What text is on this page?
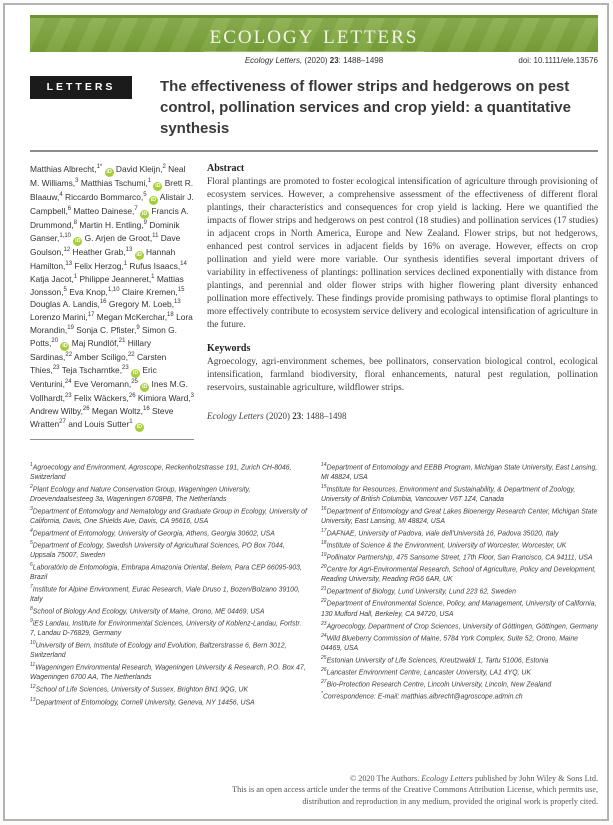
ecology letters
Ecology Letters, (2020) 23: 1488–1498	doi: 10.1111/ele.13576
LETTERS	The effectiveness of flower strips and hedgerows on pest control, pollination services and crop yield: a quantitative synthesis
Matthias Albrecht,$^{1*}$ iD David Kleijn,$^2$ Neal M. Williams,$^3$ Matthias Tschumi,$^1$ iD Brett R. Blaauw,$^4$ Riccardo Bommarco,$^5$ iD Alistair J. Campbell,$^6$ Matteo Dainese,$^7$ iD Francis A. Drummond,$^8$ Martin H. Entling,$^9$ Dominik Ganser,$^{1,10}$ iD G. Arjen de Groot,$^{11}$ Dave Goulson,$^{12}$ Heather Grab,$^{13}$ iD Hannah Hamilton,$^{13}$ Felix Herzog,$^1$ Rufus Isaacs,$^{14}$ Katja Jacot,$^1$ Philippe Jeanneret,$^1$ Mattias Jonsson,$^5$ Eva Knop,$^{1,10}$ Claire Kremen,$^{15}$ Douglas A. Landis,$^{16}$ Gregory M. Loeb,$^{13}$ Lorenzo Marini,$^{17}$ Megan McKerchar,$^{18}$ Lora Morandin,$^{19}$ Sonja C. Pfister,$^9$ Simon G. Potts,$^{20}$ iD Maj Rundlöf,$^{21}$ Hillary Sardinas,$^{22}$ Amber Sciligo,$^{22}$ Carsten Thies,$^{23}$ Teja Tscharntke,$^{23}$ iD Eric Venturini,$^{24}$ Eve Veromann,$^{25}$ iD Ines M.G. Vollhardt,$^{23}$ Felix Wäckers,$^{26}$ Kimiora Ward,$^3$ Andrew Wilby,$^{26}$ Megan Woltz,$^{16}$ Steve Wratten$^{27}$ and Louis Sutter$^1$ iD
Abstract

Floral plantings are promoted to foster ecological intensification of agriculture through provisioning of ecosystem services. However, a comprehensive assessment of the effectiveness of different floral plantings, their characteristics and consequences for crop yield is lacking. Here we quantified the impacts of flower strips and hedgerows on pest control (18 studies) and pollination services (17 studies) in adjacent crops in North America, Europe and New Zealand. Flower strips, but not hedgerows, enhanced pest control services in adjacent fields by 16% on average. However, effects on crop pollination and yield were more variable. Our synthesis identifies several important drivers of variability in effectiveness of plantings: pollination services declined exponentially with distance from plantings, and perennial and older flower strips with higher flowering plant diversity enhanced pollination more effectively. These findings provide promising pathways to optimise floral plantings to more effectively contribute to ecosystem service delivery and ecological intensification of agriculture in the future.

Keywords

Agroecology, agri-environment schemes, bee pollinators, conservation biological control, ecological intensification, farmland biodiversity, floral enhancements, natural pest regulation, pollination reservoirs, sustainable agriculture, wildflower strips.

Ecology Letters (2020) 23: 1488–1498

$^1$Agroecology and Environment, Agroscope, Reckenholzstrasse 191, Zurich CH-8046, Switzerland

$^2$Plant Ecology and Nature Conservation Group, Wageningen University, Droevendaalsesteeg 3a, Wageningen 6708PB, The Netherlands

$^3$Department of Entomology and Nematology and Graduate Group in Ecology, University of California, Davis, One Shields Ave, Davis, CA 95616, USA

$^4$Department of Entomology, University of Georgia, Athens, Georgia 30602, USA

$^5$Department of Ecology, Swedish University of Agricultural Sciences, PO Box 7044, Uppsala 75007, Sweden

$^6$Laboratório de Entomologia, Embrapa Amazonia Oriental, Belem, Para CEP 66095-903, Brazil

$^7$Institute for Alpine Environment, Eurac Research, Viale Druso 1, Bozen/Bolzano 39100, Italy

$^8$School of Biology And Ecology, University of Maine, Orono, ME 04469, USA

$^9$iES Landau, Institute for Environmental Sciences, University of Koblenz-Landau, Fortstr. 7, Landau D-76829, Germany

$^{10}$University of Bern, Institute of Ecology and Evolution, Baltzerstrasse 6, Bern 3012, Switzerland

$^{11}$Wageningen Environmental Research, Wageningen University & Research, P.O. Box 47, Wageningen 6700 AA, The Netherlands

$^{12}$School of Life Sciences, University of Sussex, Brighton BN1 9QG, UK

$^{13}$Department of Entomology, Cornell University, Geneva, NY 14456, USA

$^{14}$Department of Entomology and EEBB Program, Michigan State University, East Lansing, MI 48824, USA

$^{15}$Institute for Resources, Environment and Sustainability, & Department of Zoology, University of British Columbia, Vancouver V6T 1Z4, Canada

$^{16}$Department of Entomology and Great Lakes Bioenergy Research Center, Michigan State University, East Lansing, MI 48824, USA

$^{17}$DAFNAE, University of Padova, viale dell'Università 16, Padova 35020, Italy

$^{18}$Institute of Science & the Environment, University of Worcester, Worcester, UK

$^{19}$Pollinator Partnership, 475 Sansome Street, 17th Floor, San Francisco, CA 94111, USA

$^{20}$Centre for Agri-Environmental Research, School of Agriculture, Policy and Development, Reading University, Reading RG6 6AR, UK

$^{21}$Department of Biology, Lund University, Lund 223 62, Sweden

$^{22}$Department of Environmental Science, Policy, and Management, University of California, 130 Mulford Hall, Berkeley, CA 94720, USA

$^{23}$Agroecology, Department of Crop Sciences, University of Göttingen, Göttingen, Germany

$^{24}$Wild Blueberry Commission of Maine, 5784 York Complex, Suite 52, Orono, Maine 04469, USA

$^{25}$Estonian University of Life Sciences, Kreutzwaldi 1, Tartu 51006, Estonia

$^{26}$Lancaster Environment Centre, Lancaster University, LA1 4YQ, UK

$^{27}$Bio-Protection Research Centre, Lincoln University, Lincoln, New Zealand

*Correspondence: E-mail: matthias.albrecht@agroscope.admin.ch

© 2020 The Authors. Ecology Letters published by John Wiley & Sons Ltd.
This is an open access article under the terms of the Creative Commons Attribution License, which permits use,
distribution and reproduction in any medium, provided the original work is properly cited.
